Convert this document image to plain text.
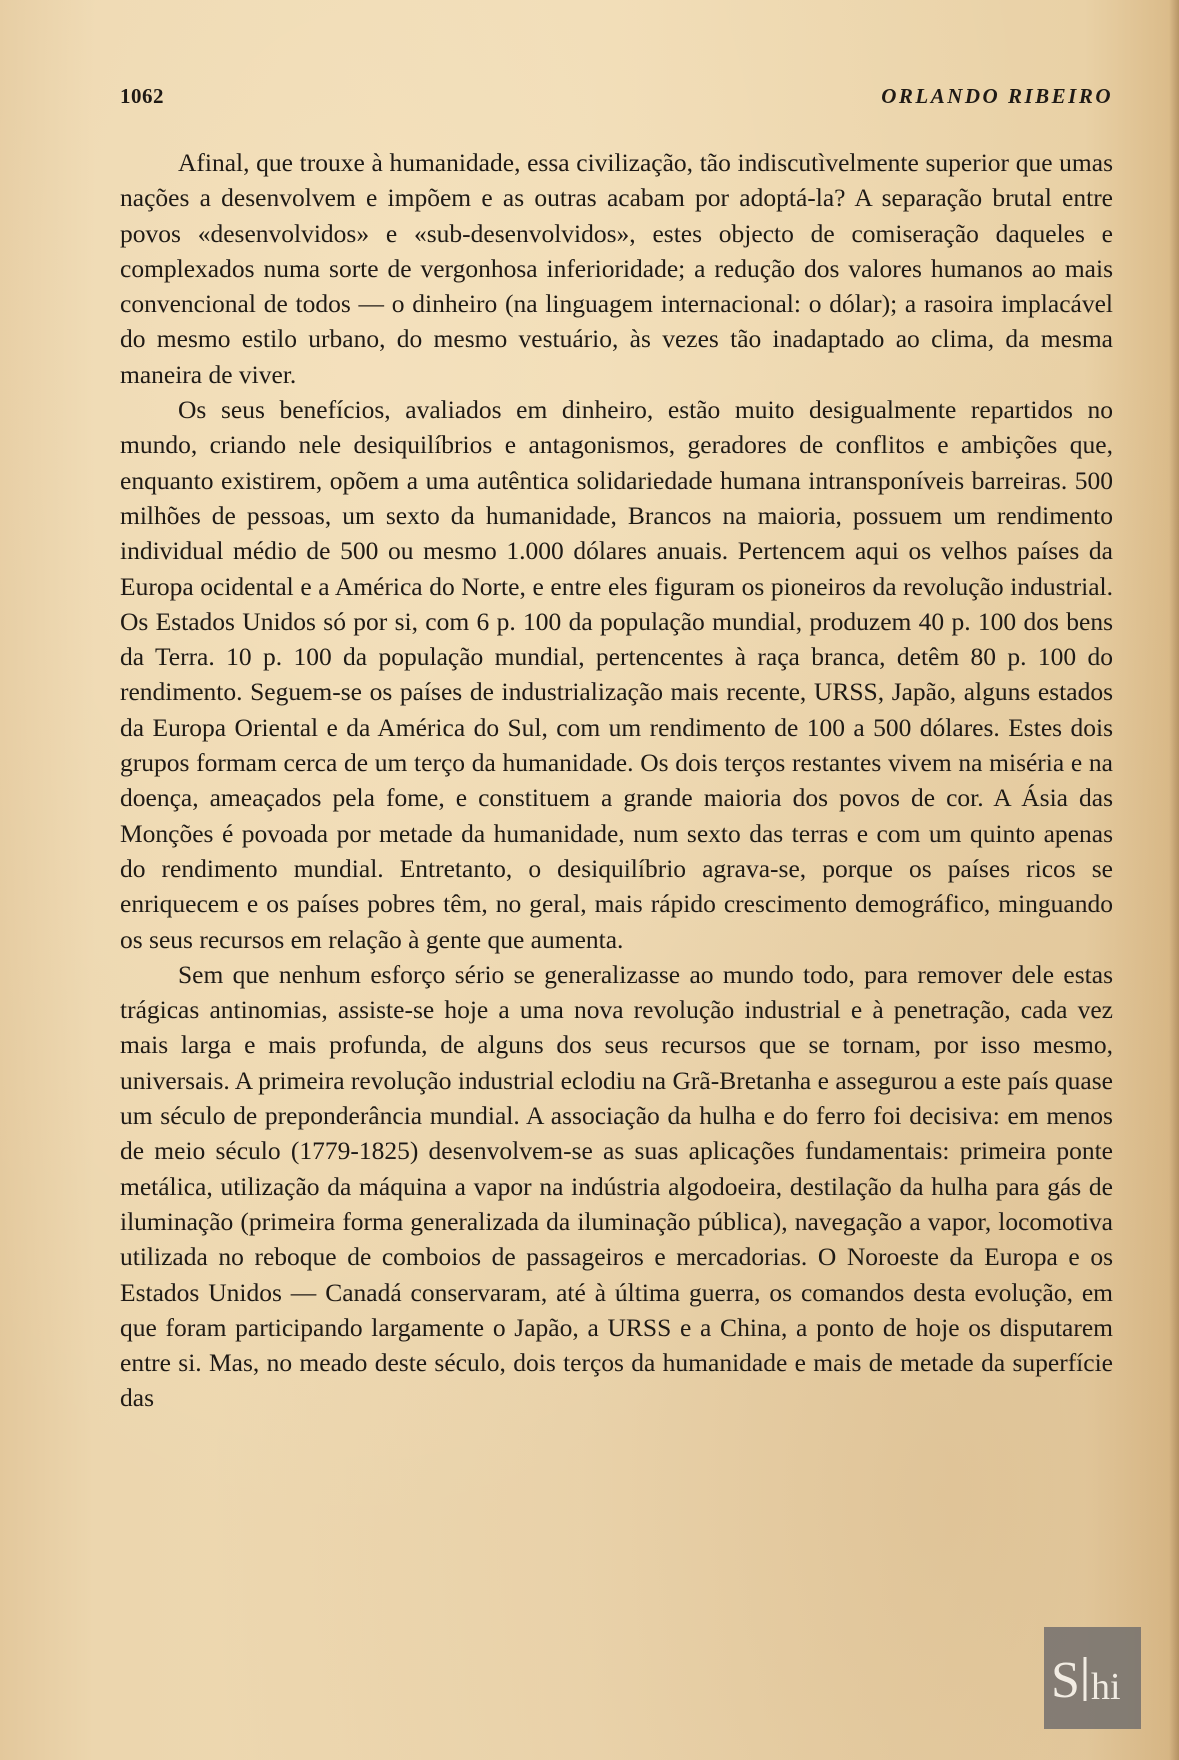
1062	ORLANDO RIBEIRO

Afinal, que trouxe à humanidade, essa civilização, tão indiscutìvelmente superior que umas nações a desenvolvem e impõem e as outras acabam por adoptá-la? A separação brutal entre povos «desenvolvidos» e «sub-desenvolvidos», estes objecto de comiseração daqueles e complexados numa sorte de vergonhosa inferioridade; a redução dos valores humanos ao mais convencional de todos — o dinheiro (na linguagem internacional: o dólar); a rasoira implacável do mesmo estilo urbano, do mesmo vestuário, às vezes tão inadaptado ao clima, da mesma maneira de viver.

Os seus benefícios, avaliados em dinheiro, estão muito desigualmente repartidos no mundo, criando nele desiquilíbrios e antagonismos, geradores de conflitos e ambições que, enquanto existirem, opõem a uma autêntica solidariedade humana intransponíveis barreiras. 500 milhões de pessoas, um sexto da humanidade, Brancos na maioria, possuem um rendimento individual médio de 500 ou mesmo 1.000 dólares anuais. Pertencem aqui os velhos países da Europa ocidental e a América do Norte, e entre eles figuram os pioneiros da revolução industrial. Os Estados Unidos só por si, com 6 p. 100 da população mundial, produzem 40 p. 100 dos bens da Terra. 10 p. 100 da população mundial, pertencentes à raça branca, detêm 80 p. 100 do rendimento. Seguem-se os países de industrialização mais recente, URSS, Japão, alguns estados da Europa Oriental e da América do Sul, com um rendimento de 100 a 500 dólares. Estes dois grupos formam cerca de um terço da humanidade. Os dois terços restantes vivem na miséria e na doença, ameaçados pela fome, e constituem a grande maioria dos povos de cor. A Ásia das Monções é povoada por metade da humanidade, num sexto das terras e com um quinto apenas do rendimento mundial. Entretanto, o desiquilíbrio agrava-se, porque os países ricos se enriquecem e os países pobres têm, no geral, mais rápido crescimento demográfico, minguando os seus recursos em relação à gente que aumenta.

Sem que nenhum esforço sério se generalizasse ao mundo todo, para remover dele estas trágicas antinomias, assiste-se hoje a uma nova revolução industrial e à penetração, cada vez mais larga e mais profunda, de alguns dos seus recursos que se tornam, por isso mesmo, universais. A primeira revolução industrial eclodiu na Grã-Bretanha e assegurou a este país quase um século de preponderância mundial. A associação da hulha e do ferro foi decisiva: em menos de meio século (1779-1825) desenvolvem-se as suas aplicações fundamentais: primeira ponte metálica, utilização da máquina a vapor na indústria algodoeira, destilação da hulha para gás de iluminação (primeira forma generalizada da iluminação pública), navegação a vapor, locomotiva utilizada no reboque de comboios de passageiros e mercadorias. O Noroeste da Europa e os Estados Unidos — Canadá conservaram, até à última guerra, os comandos desta evolução, em que foram participando largamente o Japão, a URSS e a China, a ponto de hoje os disputarem entre si. Mas, no meado deste século, dois terços da humanidade e mais de metade da superfície das

S hi
